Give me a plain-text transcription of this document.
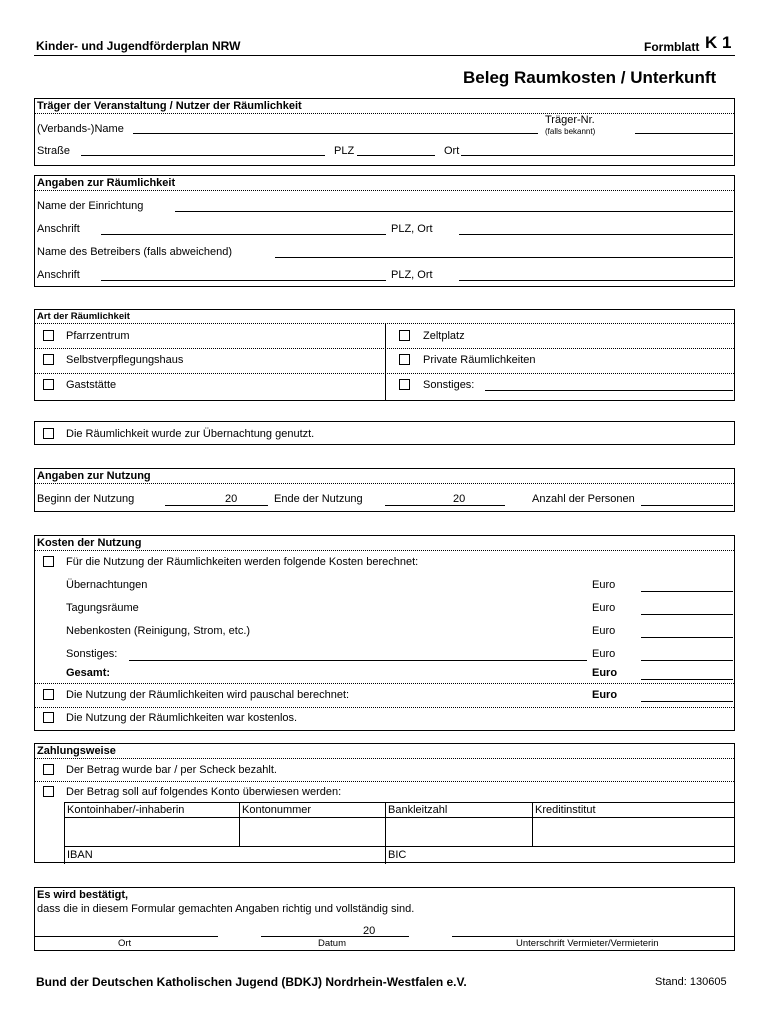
Kinder- und Jugendförderplan NRW	Formblatt K 1
Beleg Raumkosten / Unterkunft
Träger der Veranstaltung / Nutzer der Räumlichkeit
(Verbands-)Name
Träger-Nr.
(falls bekannt)
Straße	PLZ	Ort
Angaben zur Räumlichkeit
Name der Einrichtung
Anschrift	PLZ, Ort
Name des Betreibers (falls abweichend)
Anschrift	PLZ, Ort
Art der Räumlichkeit
Pfarrzentrum
Selbstverpflegungshaus
Gaststätte
Zeltplatz
Private Räumlichkeiten
Sonstiges:
Die Räumlichkeit wurde zur Übernachtung genutzt.
Angaben zur Nutzung
Beginn der Nutzung	20	Ende der Nutzung	20	Anzahl der Personen
Kosten der Nutzung
Für die Nutzung der Räumlichkeiten werden folgende Kosten berechnet:
Übernachtungen	Euro
Tagungsräume	Euro
Nebenkosten (Reinigung, Strom, etc.)	Euro
Sonstiges:	Euro
Gesamt:	Euro
Die Nutzung der Räumlichkeiten wird pauschal berechnet:	Euro
Die Nutzung der Räumlichkeiten war kostenlos.
Zahlungsweise
Der Betrag wurde bar / per Scheck bezahlt.
Der Betrag soll auf folgendes Konto überwiesen werden:
Kontoinhaber/-inhaberin	Kontonummer	Bankleitzahl	Kreditinstitut
IBAN	BIC
Es wird bestätigt,
dass die in diesem Formular gemachten Angaben richtig und vollständig sind.
20
Ort	Datum	Unterschrift Vermieter/Vermieterin
Bund der Deutschen Katholischen Jugend (BDKJ) Nordrhein-Westfalen e.V.	Stand: 130605
